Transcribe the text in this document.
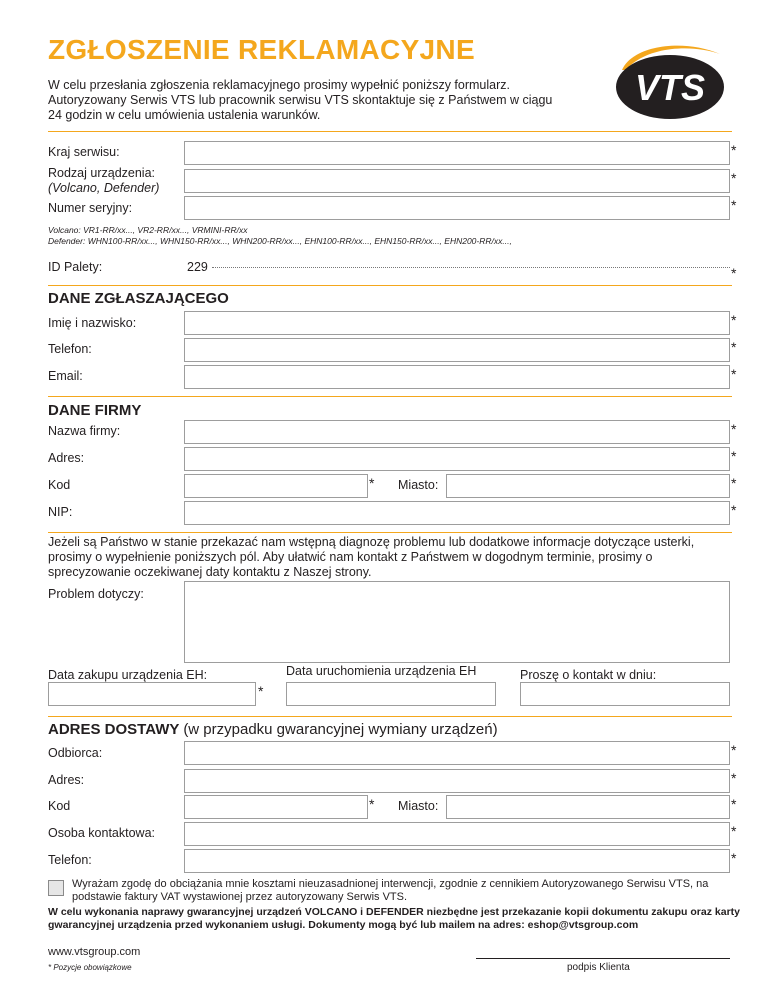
ZGŁOSZENIE REKLAMACYJNE
W celu przesłania zgłoszenia reklamacyjnego prosimy wypełnić poniższy formularz. Autoryzowany Serwis VTS lub pracownik serwisu VTS skontaktuje się z Państwem w ciągu 24 godzin w celu umówienia ustalenia warunków.
VTS
Kraj serwisu:	*
Rodzaj urządzenia:
(Volcano, Defender)
*
Numer seryjny:	*
Volcano: VR1-RR/xx..., VR2-RR/xx..., VRMINI-RR/xx
Defender: WHN100-RR/xx..., WHN150-RR/xx..., WHN200-RR/xx..., EHN100-RR/xx..., EHN150-RR/xx..., EHN200-RR/xx...,
ID Palety:	229	*
DANE ZGŁASZAJĄCEGO
Imię i nazwisko:	*
Telefon:	*
Email:	*
DANE FIRMY
Nazwa firmy:	*
Adres:	*
Kod	* Miasto:	*
NIP:	*
Jeżeli są Państwo w stanie przekazać nam wstępną diagnozę problemu lub dodatkowe informacje dotyczące usterki, prosimy o wypełnienie poniższych pól. Aby ułatwić nam kontakt z Państwem w dogodnym terminie, prosimy o sprecyzowanie oczekiwanej daty kontaktu z Naszej strony.
Problem dotyczy:
Data zakupu urządzenia EH:
*
Data uruchomienia urządzenia EH	Proszę o kontakt w dniu:
ADRES DOSTAWY (w przypadku gwarancyjnej wymiany urządzeń)
Odbiorca:	*
Adres:	*
Kod	* Miasto:	*
Osoba kontaktowa:	*
Telefon:	*
Wyrażam zgodę do obciążania mnie kosztami nieuzasadnionej interwencji, zgodnie z cennikiem Autoryzowanego Serwisu VTS, na podstawie faktury VAT wystawionej przez autoryzowany Serwis VTS.
W celu wykonania naprawy gwarancyjnej urządzeń VOLCANO i DEFENDER niezbędne jest przekazanie kopii dokumentu zakupu oraz karty gwarancyjnej urządzenia przed wykonaniem usługi. Dokumenty mogą być lub mailem na adres: eshop@vtsgroup.com
www.vtsgroup.com
* Pozycje obowiązkowe	podpis Klienta
